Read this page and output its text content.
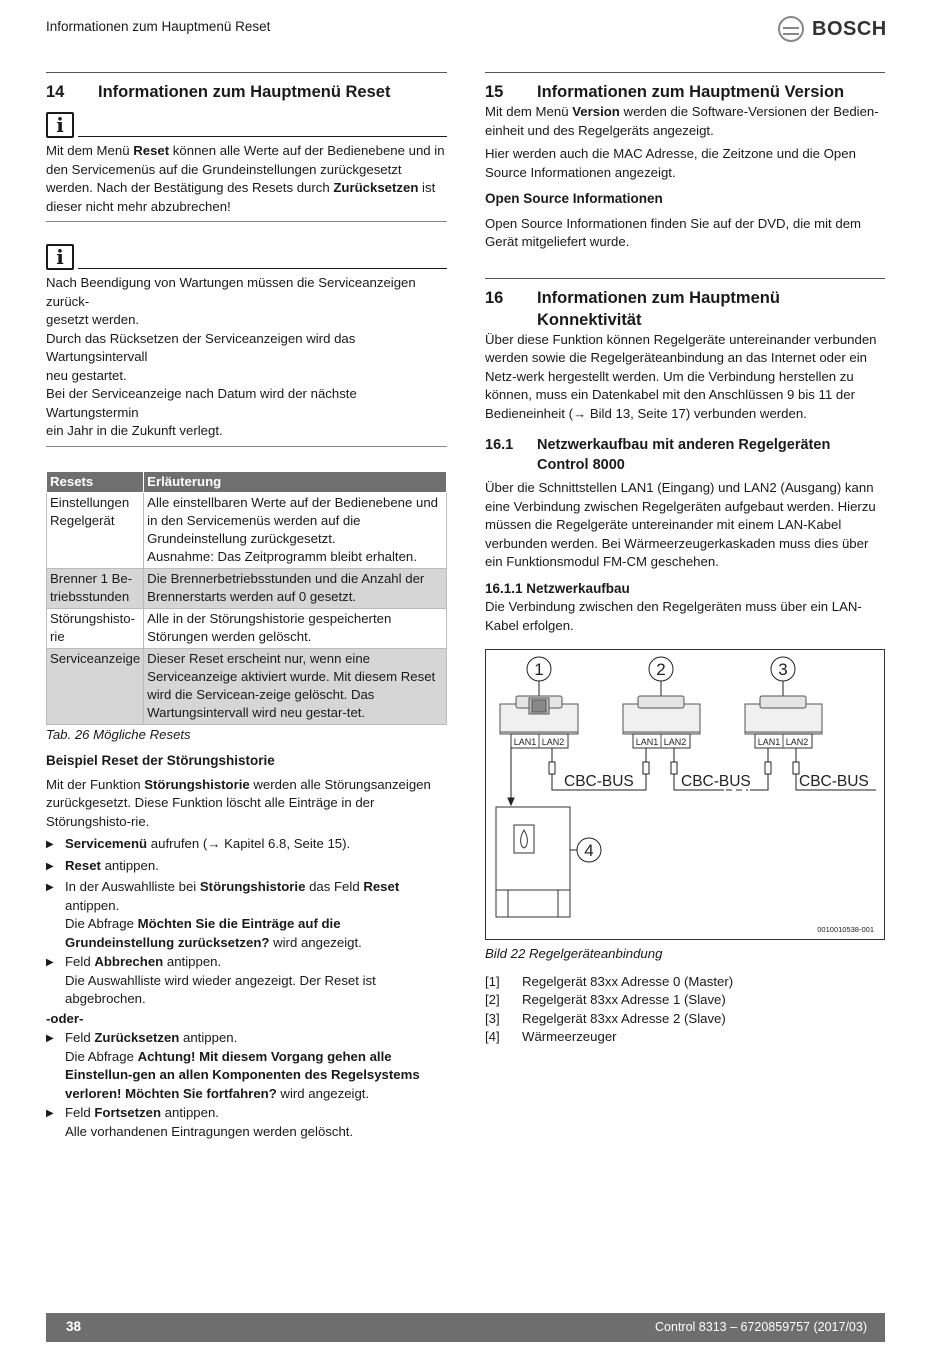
Informationen zum Hauptmenü Reset	BOSCH
14	Informationen zum Hauptmenü Reset
i

Mit dem Menü Reset können alle Werte auf der Bedienebene und in den Servicemenüs auf die Grundeinstellungen zurückgesetzt werden. Nach der Bestätigung des Resets durch Zurücksetzen ist dieser nicht mehr abzubrechen!

i
Nach Beendigung von Wartungen müssen die Serviceanzeigen zurück-
gesetzt werden.
Durch das Rücksetzen der Serviceanzeigen wird das Wartungsintervall
neu gestartet.
Bei der Serviceanzeige nach Datum wird der nächste Wartungstermin
ein Jahr in die Zukunft verlegt.
Resets	Erläuterung
Einstellungen Regelgerät	Alle einstellbaren Werte auf der Bedienebene und in den Servicemenüs werden auf die Grundeinstellung zurückgesetzt.
Ausnahme: Das Zeitprogramm bleibt erhalten.

Brenner 1 Be-triebsstunden	Die Brennerbetriebsstunden und die Anzahl der Brennerstarts werden auf 0 gesetzt.
Störungshisto-rie	Alle in der Störungshistorie gespeicherten Störungen werden gelöscht.
Serviceanzeige	Dieser Reset erscheint nur, wenn eine Serviceanzeige aktiviert wurde. Mit diesem Reset wird die Servicean-zeige gelöscht. Das Wartungsintervall wird neu gestar-tet.
Tab. 26 Mögliche Resets
Beispiel Reset der Störungshistorie

Mit der Funktion Störungshistorie werden alle Störungsanzeigen zurückgesetzt. Diese Funktion löscht alle Einträge in der Störungshisto-rie.

▶ Servicemenü aufrufen (→ Kapitel 6.8, Seite 15).
▶ Reset antippen.
▶ In der Auswahlliste bei Störungshistorie das Feld Reset antippen.
Die Abfrage Möchten Sie die Einträge auf die Grundeinstellung zurücksetzen? wird angezeigt.
▶ Feld Abbrechen antippen.
Die Auswahlliste wird wieder angezeigt. Der Reset ist abgebrochen.
-oder-
▶ Feld Zurücksetzen antippen.
Die Abfrage Achtung! Mit diesem Vorgang gehen alle Einstellun-gen an allen Komponenten des Regelsystems verloren! Möchten Sie fortfahren? wird angezeigt.
▶ Feld Fortsetzen antippen.
Alle vorhandenen Eintragungen werden gelöscht.
15	Informationen zum Hauptmenü Version

Mit dem Menü Version werden die Software-Versionen der Bedien-einheit und des Regelgeräts angezeigt.

Hier werden auch die MAC Adresse, die Zeitzone und die Open Source Informationen angezeigt.

Open Source Informationen

Open Source Informationen finden Sie auf der DVD, die mit dem Gerät mitgeliefert wurde.

16	Informationen zum Hauptmenü Konnektivität

Über diese Funktion können Regelgeräte untereinander verbunden werden sowie die Regelgeräteanbindung an das Internet oder ein Netz-werk hergestellt werden. Um die Verbindung herstellen zu können, muss ein Datenkabel mit den Anschlüssen 9 bis 11 der Bedieneinheit (→ Bild 13, Seite 17) verbunden werden.

16.1	Netzwerkaufbau mit anderen Regelgeräten Control 8000

Über die Schnittstellen LAN1 (Eingang) und LAN2 (Ausgang) kann eine Verbindung zwischen Regelgeräten aufgebaut werden. Hierzu müssen die Regelgeräte untereinander mit einem LAN-Kabel verbunden werden. Bei Wärmeerzeugerkaskaden muss dies über ein Funktionsmodul FM-CM geschehen.

16.1.1 Netzwerkaufbau

Die Verbindung zwischen den Regelgeräten muss über ein LAN-Kabel erfolgen.

1	2	3
4
LAN1 LAN2	LAN1 LAN2	LAN1 LAN2
CBC-BUS	CBC-BUS	CBC-BUS
0010010538-001
Bild 22 Regelgeräteanbindung
[1]	Regelgerät 83xx Adresse 0 (Master)
[2]	Regelgerät 83xx Adresse 1 (Slave)
[3]	Regelgerät 83xx Adresse 2 (Slave)
[4]	Wärmeerzeuger
38	Control 8313 – 6720859757 (2017/03)
